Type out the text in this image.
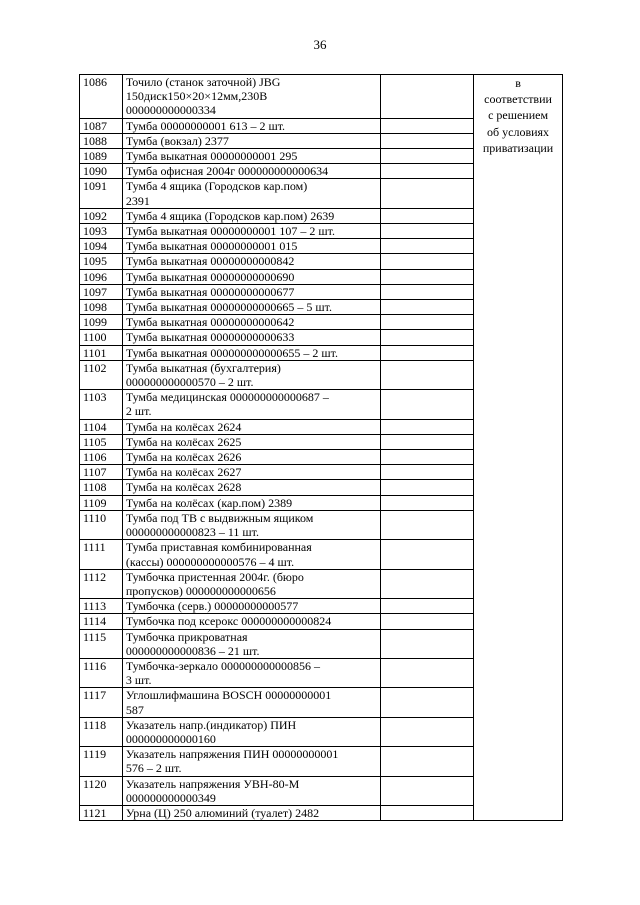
36
1086	Точило (станок заточной) JBG
150диск150×20×12мм,230В
000000000000334		в
соответствии
с решением
об условиях
приватизации

1087	Тумба 00000000001 613 – 2 шт.		

1088	Тумба (вокзал) 2377		

1089	Тумба выкатная 00000000001 295		

1090	Тумба офисная 2004г 000000000000634		

1091	Тумба 4 ящика (Городсков кар.пом)
2391		

1092	Тумба 4 ящика (Городсков кар.пом) 2639		

1093	Тумба выкатная 00000000001 107 – 2 шт.		

1094	Тумба выкатная 00000000001 015		

1095	Тумба выкатная 00000000000842		

1096	Тумба выкатная 00000000000690		

1097	Тумба выкатная 00000000000677		

1098	Тумба выкатная 00000000000665 – 5 шт.		

1099	Тумба выкатная 00000000000642		

1100	Тумба выкатная 00000000000633		

1101	Тумба выкатная 000000000000655 – 2 шт.		

1102	Тумба выкатная (бухгалтерия)
000000000000570 – 2 шт.		

1103	Тумба медицинская 000000000000687 –
2 шт.		

1104	Тумба на колёсах 2624		

1105	Тумба на колёсах 2625		

1106	Тумба на колёсах 2626		

1107	Тумба на колёсах 2627		

1108	Тумба на колёсах 2628		

1109	Тумба на колёсах (кар.пом) 2389		

1110	Тумба под ТВ с выдвижным ящиком
000000000000823 – 11 шт.		

1111	Тумба приставная комбинированная
(кассы) 000000000000576 – 4 шт.		

1112	Тумбочка пристенная 2004г. (бюро
пропусков) 000000000000656		

1113	Тумбочка (серв.) 00000000000577		

1114	Тумбочка под ксерокс 000000000000824		

1115	Тумбочка прикроватная
000000000000836 – 21 шт.		

1116	Тумбочка-зеркало 000000000000856 –
3 шт.		

1117	Углошлифмашина BOSCH 00000000001
587		

1118	Указатель напр.(индикатор) ПИН
000000000000160		

1119	Указатель напряжения ПИН 00000000001
576 – 2 шт.		

1120	Указатель напряжения УВН-80-М
000000000000349		

1121	Урна (Ц) 250 алюминий (туалет) 2482		
